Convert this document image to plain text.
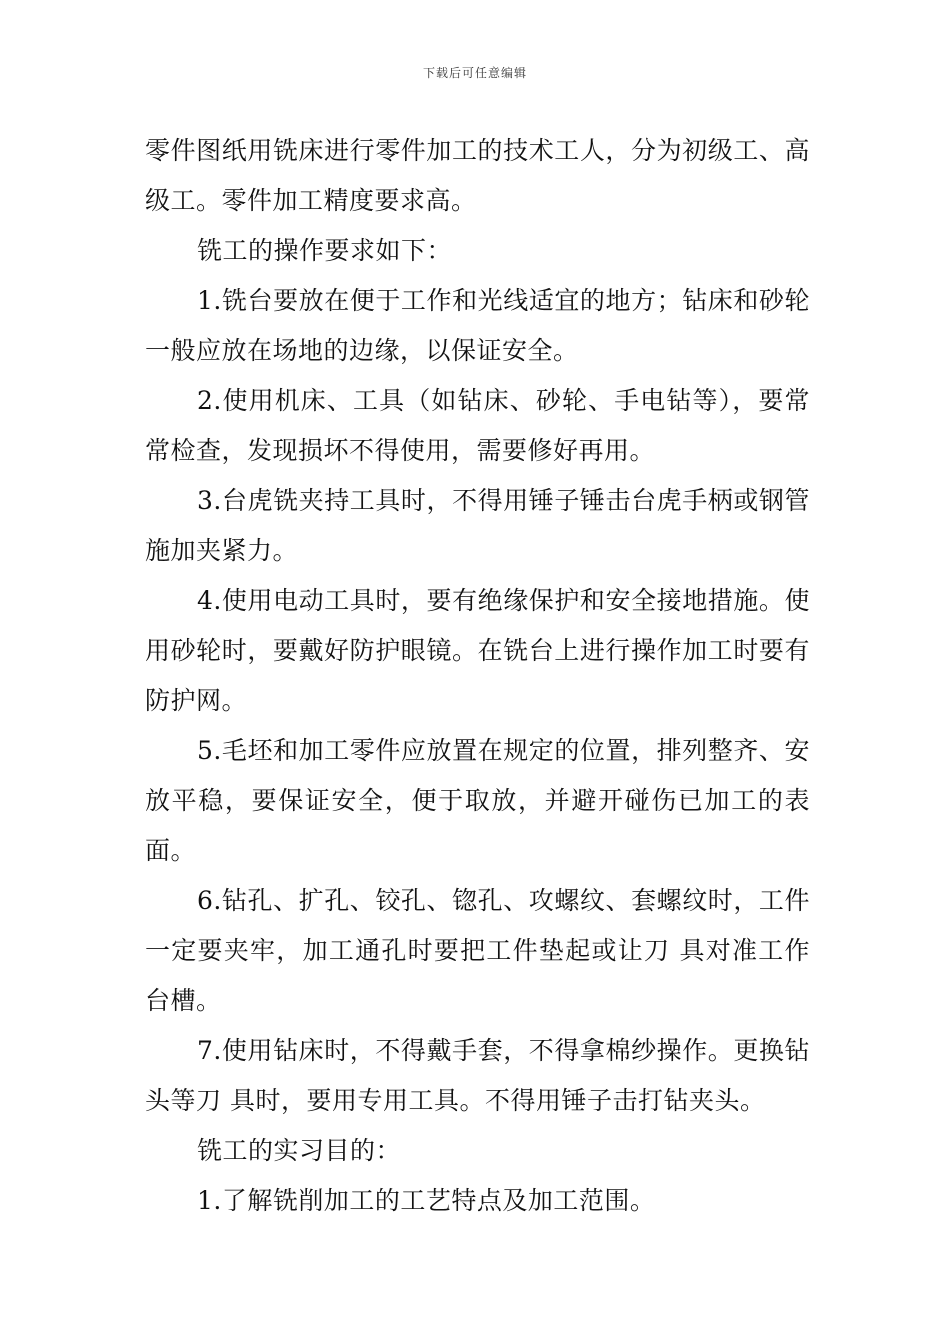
下载后可任意编辑

零件图纸用铣床进行零件加工的技术工人，分为初级工、高级工。零件加工精度要求高。

铣工的操作要求如下：

1.铣台要放在便于工作和光线适宜的地方；钻床和砂轮一般应放在场地的边缘，以保证安全。

2.使用机床、工具（如钻床、砂轮、手电钻等），要常常检查，发现损坏不得使用，需要修好再用。

3.台虎铣夹持工具时，不得用锤子锤击台虎手柄或钢管施加夹紧力。

4.使用电动工具时，要有绝缘保护和安全接地措施。使用砂轮时，要戴好防护眼镜。在铣台上进行操作加工时要有防护网。

5.毛坯和加工零件应放置在规定的位置，排列整齐、安放平稳，要保证安全，便于取放，并避开碰伤已加工的表面。

6.钻孔、扩孔、铰孔、锪孔、攻螺纹、套螺纹时，工件一定要夹牢，加工通孔时要把工件垫起或让刀 具对准工作台槽。

7.使用钻床时，不得戴手套，不得拿棉纱操作。更换钻头等刀 具时，要用专用工具。不得用锤子击打钻夹头。

铣工的实习目的：

1.了解铣削加工的工艺特点及加工范围。
